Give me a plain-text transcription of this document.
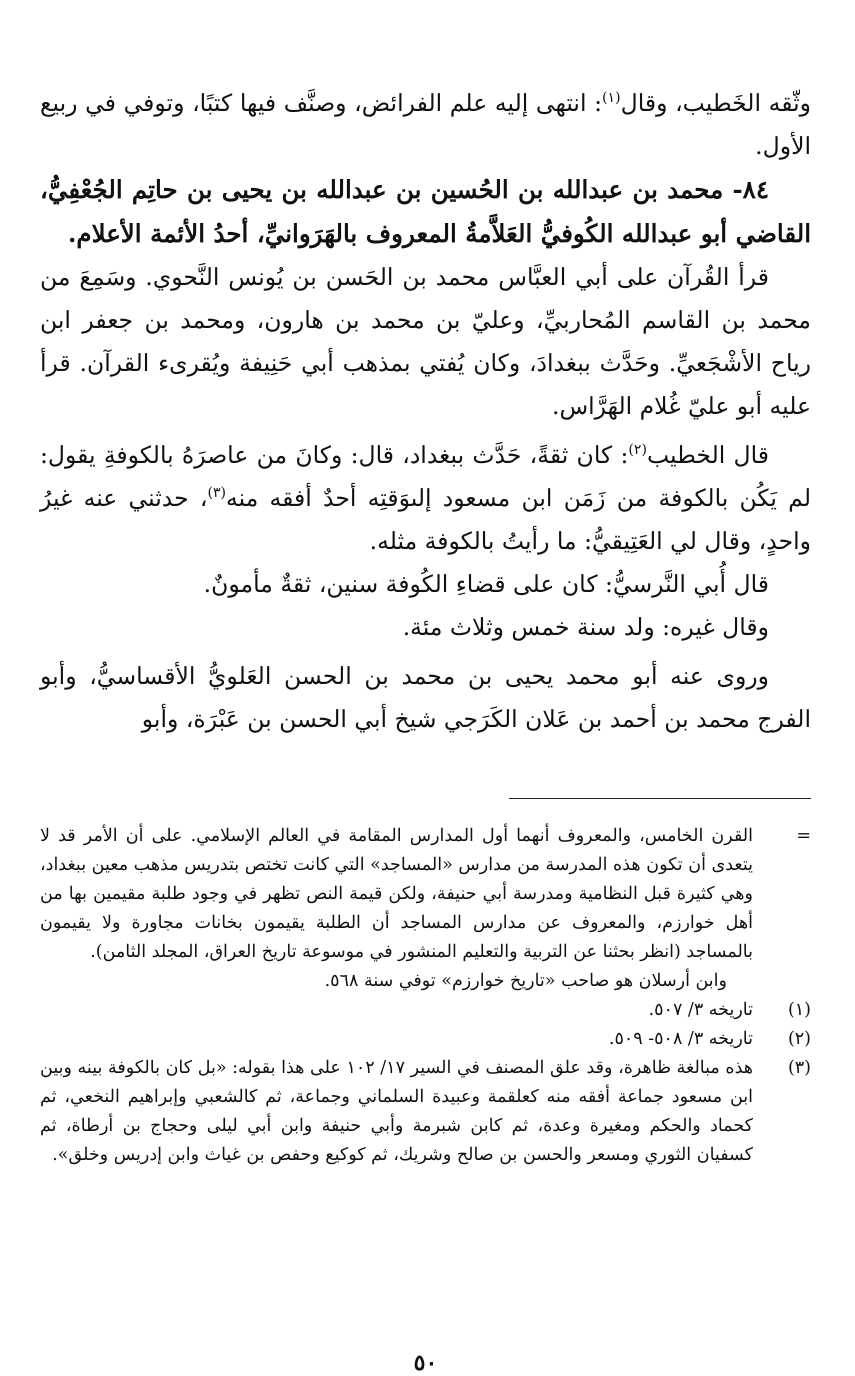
وثّقه الخَطيب، وقال$^{(١)}$: انتهى إليه علم الفرائض، وصنَّف فيها كتبًا، وتوفي في ربيع الأول.

٨٤- محمد بن عبدالله بن الحُسين بن عبدالله بن يحيى بن حاتِم الجُعْفِيُّ، القاضي أبو عبدالله الكُوفيُّ العَلاَّمةُ المعروف بالهَرَوانيِّ، أحدُ الأئمة الأعلام.

قرأ القُرآن على أبي العبَّاس محمد بن الحَسن بن يُونس النَّحوي. وسَمِعَ من محمد بن القاسم المُحاربيِّ، وعليّ بن محمد بن هارون، ومحمد بن جعفر ابن رياح الأشْجَعيِّ. وحَدَّث ببغدادَ، وكان يُفتي بمذهب أبي حَنِيفة ويُقرىء القرآن. قرأ عليه أبو عليّ غُلام الهَرَّاس.

قال الخطيب$^{(٢)}$: كان ثقةً، حَدَّث ببغداد، قال: وكانَ من عاصرَهُ بالكوفةِ يقول: لم يَكُن بالكوفة من زَمَن ابن مسعود إلىوَقتِه أحدٌ أفقه منه$^{(٣)}$، حدثني عنه غيرُ واحدٍ، وقال لي العَتِيقيُّ: ما رأيتُ بالكوفة مثله.

قال أُبي النَّرسيُّ: كان على قضاءِ الكُوفة سنين، ثقةٌ مأمونٌ.

وقال غيره: ولد سنة خمس وثلاث مئة.

وروى عنه أبو محمد يحيى بن محمد بن الحسن العَلويُّ الأقساسيُّ، وأبو الفرج محمد بن أحمد بن عَلان الكَرَجي شيخ أبي الحسن بن عَبْرَة، وأبو

=

القرن الخامس، والمعروف أنهما أول المدارس المقامة في العالم الإسلامي. على أن الأمر قد لا يتعدى أن تكون هذه المدرسة من مدارس «المساجد» التي كانت تختص بتدريس مذهب معين ببغداد، وهي كثيرة قبل النظامية ومدرسة أبي حنيفة، ولكن قيمة النص تظهر في وجود طلبة مقيمين بها من أهل خوارزم، والمعروف عن مدارس المساجد أن الطلبة يقيمون بخانات مجاورة ولا يقيمون بالمساجد (انظر بحثنا عن التربية والتعليم المنشور في موسوعة تاريخ العراق، المجلد الثامن).

وابن أرسلان هو صاحب «تاريخ خوارزم» توفي سنة ٥٦٨.

(١)
تاريخه ٣/ ٥٠٧.
(٢)
تاريخه ٣/ ٥٠٨- ٥٠٩.
(٣)
هذه مبالغة ظاهرة، وقد علق المصنف في السير ١٧/ ١٠٢ على هذا بقوله: «بل كان بالكوفة بينه وبين ابن مسعود جماعة أفقه منه كعلقمة وعبيدة السلماني وجماعة، ثم كالشعبي وإبراهيم النخعي، ثم كحماد والحكم ومغيرة وعدة، ثم كابن شبرمة وأبي حنيفة وابن أبي ليلى وحجاج بن أرطاة، ثم كسفيان الثوري ومسعر والحسن بن صالح وشريك، ثم كوكيع وحفص بن غياث وابن إدريس وخلق».
٥٠
